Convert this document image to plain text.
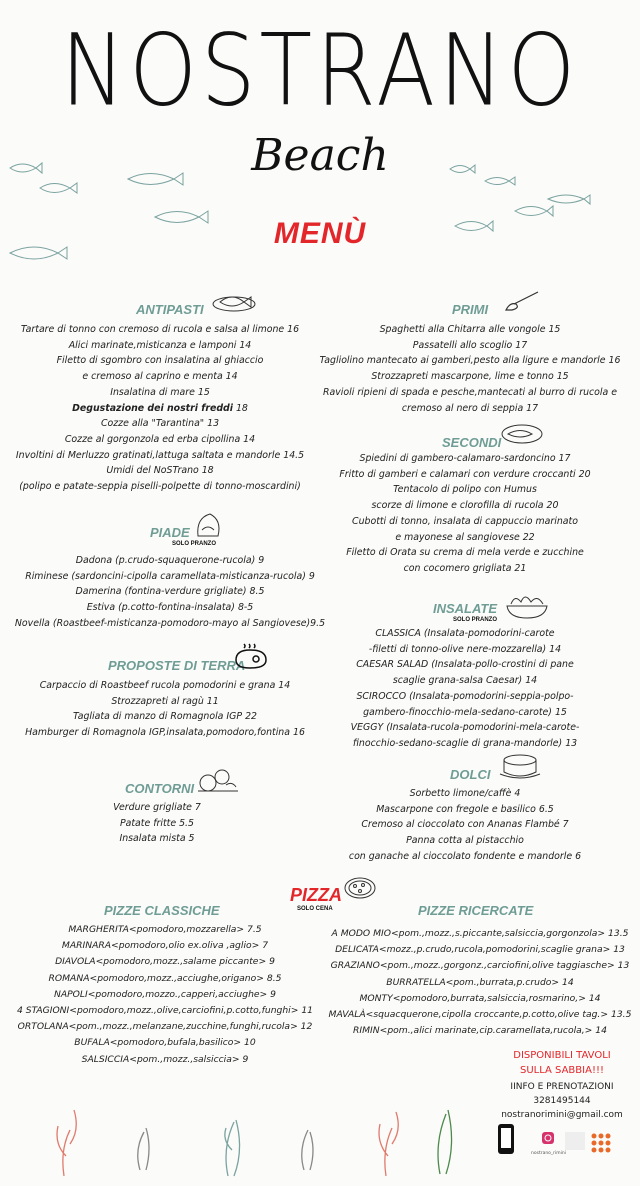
NOSTRANO
Beach
MENÙ
ANTIPASTI
Tartare di tonno con cremoso di rucola e salsa al limone 16
Alici marinate,misticanza e lamponi 14
Filetto di sgombro con insalatina al ghiaccio
e cremoso al caprino e menta 14
Insalatina di mare 15
Degustazione dei nostri freddi 18
Cozze alla "Tarantina" 13
Cozze al gorgonzola ed erba cipollina 14
Involtini di Merluzzo gratinati,lattuga saltata e mandorle 14.5
Umidi del NoSTrano 18
(polipo e patate-seppia piselli-polpette di tonno-moscardini)
PIADE
SOLO PRANZO
Dadona (p.crudo-squaquerone-rucola) 9
Riminese (sardoncini-cipolla caramellata-misticanza-rucola) 9
Damerina (fontina-verdure grigliate) 8.5
Estiva (p.cotto-fontina-insalata) 8-5
Novella (Roastbeef-misticanza-pomodoro-mayo al Sangiovese)9.5
PROPOSTE DI TERRA
Carpaccio di Roastbeef rucola pomodorini e grana 14
Strozzapreti al ragù 11
Tagliata di manzo di Romagnola IGP 22
Hamburger di Romagnola IGP,insalata,pomodoro,fontina 16
CONTORNI
Verdure grigliate 7
Patate fritte 5.5
Insalata mista 5
PRIMI
Spaghetti alla Chitarra alle vongole 15
Passatelli allo scoglio 17
Tagliolino mantecato ai gamberi,pesto alla ligure e mandorle 16
Strozzapreti mascarpone, lime e tonno 15
Ravioli ripieni di spada e pesche,mantecati al burro di rucola e
cremoso al nero di seppia 17
SECONDI
Spiedini di gambero-calamaro-sardoncino 17
Fritto di gamberi e calamari con verdure croccanti 20
Tentacolo di polipo con Humus
scorze di limone e clorofilla di rucola 20
Cubotti di tonno, insalata di cappuccio marinato
e mayonese al sangiovese 22
Filetto di Orata su crema di mela verde e zucchine
con cocomero grigliata 21
INSALATE
SOLO PRANZO
CLASSICA (Insalata-pomodorini-carote
-filetti di tonno-olive nere-mozzarella) 14
CAESAR SALAD (Insalata-pollo-crostini di pane
scaglie grana-salsa Caesar) 14
SCIROCCO (Insalata-pomodorini-seppia-polpo-
gambero-finocchio-mela-sedano-carote) 15
VEGGY (Insalata-rucola-pomodorini-mela-carote-
finocchio-sedano-scaglie di grana-mandorle) 13
DOLCI
Sorbetto limone/caffè 4
Mascarpone con fregole e basilico 6.5
Cremoso al cioccolato con Ananas Flambé 7
Panna cotta al pistacchio
con ganache al cioccolato fondente e mandorle 6
PIZZA
SOLO CENA
PIZZE CLASSICHE
MARGHERITA<pomodoro,mozzarella> 7.5
MARINARA<pomodoro,olio ex.oliva ,aglio> 7
DIAVOLA<pomodoro,mozz.,salame piccante> 9
ROMANA<pomodoro,mozz.,acciughe,origano> 8.5
NAPOLI<pomodoro,mozzo.,capperi,acciughe> 9
4 STAGIONI<pomodoro,mozz.,olive,carciofini,p.cotto,funghi> 11
ORTOLANA<pom.,mozz.,melanzane,zucchine,funghi,rucola> 12
BUFALA<pomodoro,bufala,basilico> 10
SALSICCIA<pom.,mozz.,salsiccia> 9
PIZZE RICERCATE
A MODO MIO<pom.,mozz.,s.piccante,salsiccia,gorgonzola> 13.5
DELICATA<mozz.,p.crudo,rucola,pomodorini,scaglie grana> 13
GRAZIANO<pom.,mozz.,gorgonz.,carciofini,olive taggiasche> 13
BURRATELLA<pom.,burrata,p.crudo> 14
MONTY<pomodoro,burrata,salsiccia,rosmarino,> 14
MAVALÀ<squacquerone,cipolla croccante,p.cotto,olive tag.> 13.5
RIMIN<pom.,alici marinate,cip.caramellata,rucola,> 14
DISPONIBILI TAVOLI
SULLA SABBIA!!!
IINFO E PRENOTAZIONI
3281495144
nostranorimini@gmail.com
nostrano_rimini
